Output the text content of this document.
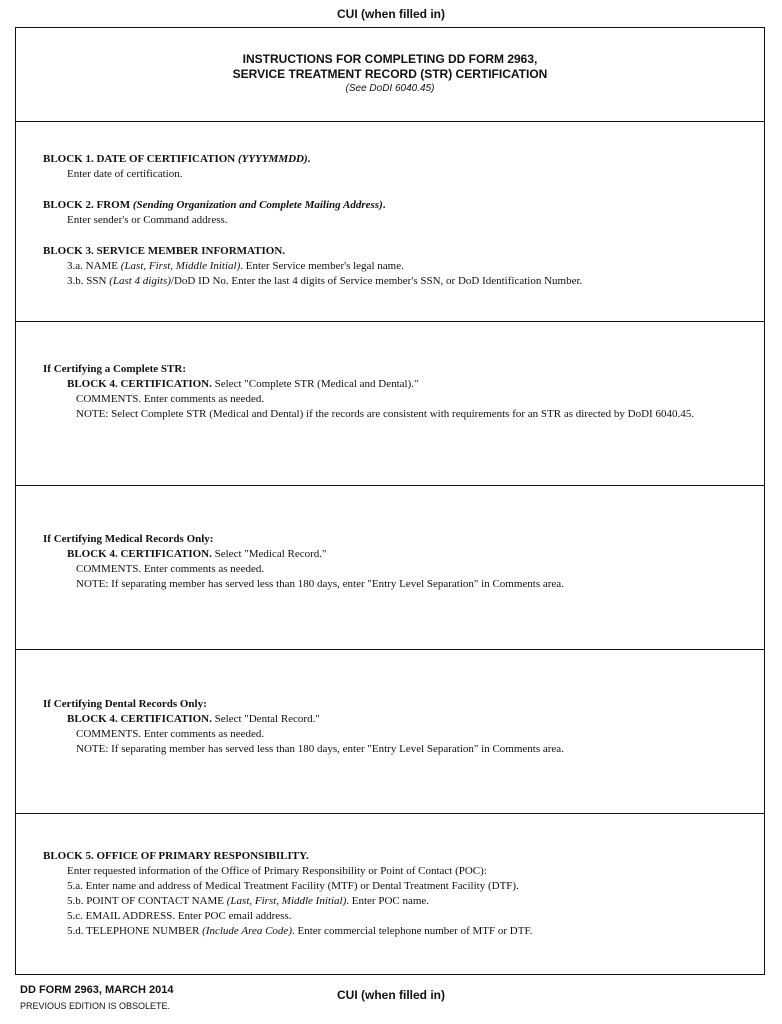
CUI (when filled in)
INSTRUCTIONS FOR COMPLETING DD FORM 2963,
SERVICE TREATMENT RECORD (STR) CERTIFICATION
(See DoDI 6040.45)
BLOCK 1. DATE OF CERTIFICATION (YYYYMMDD).
Enter date of certification.
BLOCK 2. FROM (Sending Organization and Complete Mailing Address).
Enter sender's or Command address.
BLOCK 3. SERVICE MEMBER INFORMATION.
3.a. NAME (Last, First, Middle Initial). Enter Service member's legal name.
3.b. SSN (Last 4 digits)/DoD ID No. Enter the last 4 digits of Service member's SSN, or DoD Identification Number.
If Certifying a Complete STR:
BLOCK 4. CERTIFICATION. Select "Complete STR (Medical and Dental)."
COMMENTS. Enter comments as needed.
NOTE: Select Complete STR (Medical and Dental) if the records are consistent with requirements for an STR as directed by DoDI 6040.45.
If Certifying Medical Records Only:
BLOCK 4. CERTIFICATION. Select "Medical Record."
COMMENTS. Enter comments as needed.
NOTE: If separating member has served less than 180 days, enter "Entry Level Separation" in Comments area.
If Certifying Dental Records Only:
BLOCK 4. CERTIFICATION. Select "Dental Record."
COMMENTS. Enter comments as needed.
NOTE: If separating member has served less than 180 days, enter "Entry Level Separation" in Comments area.
BLOCK 5. OFFICE OF PRIMARY RESPONSIBILITY.
Enter requested information of the Office of Primary Responsibility or Point of Contact (POC):
5.a. Enter name and address of Medical Treatment Facility (MTF) or Dental Treatment Facility (DTF).
5.b. POINT OF CONTACT NAME (Last, First, Middle Initial). Enter POC name.
5.c. EMAIL ADDRESS. Enter POC email address.
5.d. TELEPHONE NUMBER (Include Area Code). Enter commercial telephone number of MTF or DTF.
DD FORM 2963, MARCH 2014
PREVIOUS EDITION IS OBSOLETE.
CUI (when filled in)
